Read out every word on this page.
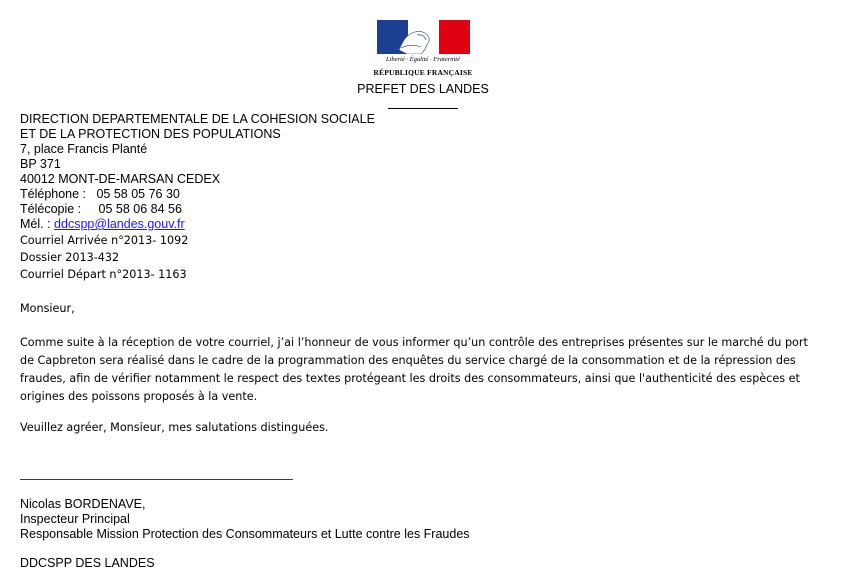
Liberté · Égalité · Fraternité
RÉPUBLIQUE FRANÇAISE
PREFET DES LANDES
DIRECTION DEPARTEMENTALE DE LA COHESION SOCIALE
ET DE LA PROTECTION DES POPULATIONS
7, place Francis Planté
BP 371
40012 MONT-DE-MARSAN CEDEX
Téléphone :   05 58 05 76 30
Télécopie :     05 58 06 84 56
Mél. : ddcspp@landes.gouv.fr
Courriel Arrivée n°2013- 1092
Dossier 2013-432
Courriel Départ n°2013- 1163
Monsieur,
Comme suite à la réception de votre courriel, j’ai l’honneur de vous informer qu’un contrôle des entreprises présentes sur le marché du port de Capbreton sera réalisé dans le cadre de la programmation des enquêtes du service chargé de la consommation et de la répression des fraudes, afin de vérifier notamment le respect des textes protégeant les droits des consommateurs, ainsi que l'authenticité des espèces et origines des poissons proposés à la vente.
Veuillez agréer, Monsieur, mes salutations distinguées.
Nicolas BORDENAVE,
Inspecteur Principal
Responsable Mission Protection des Consommateurs et Lutte contre les Fraudes
DDCSPP DES LANDES
